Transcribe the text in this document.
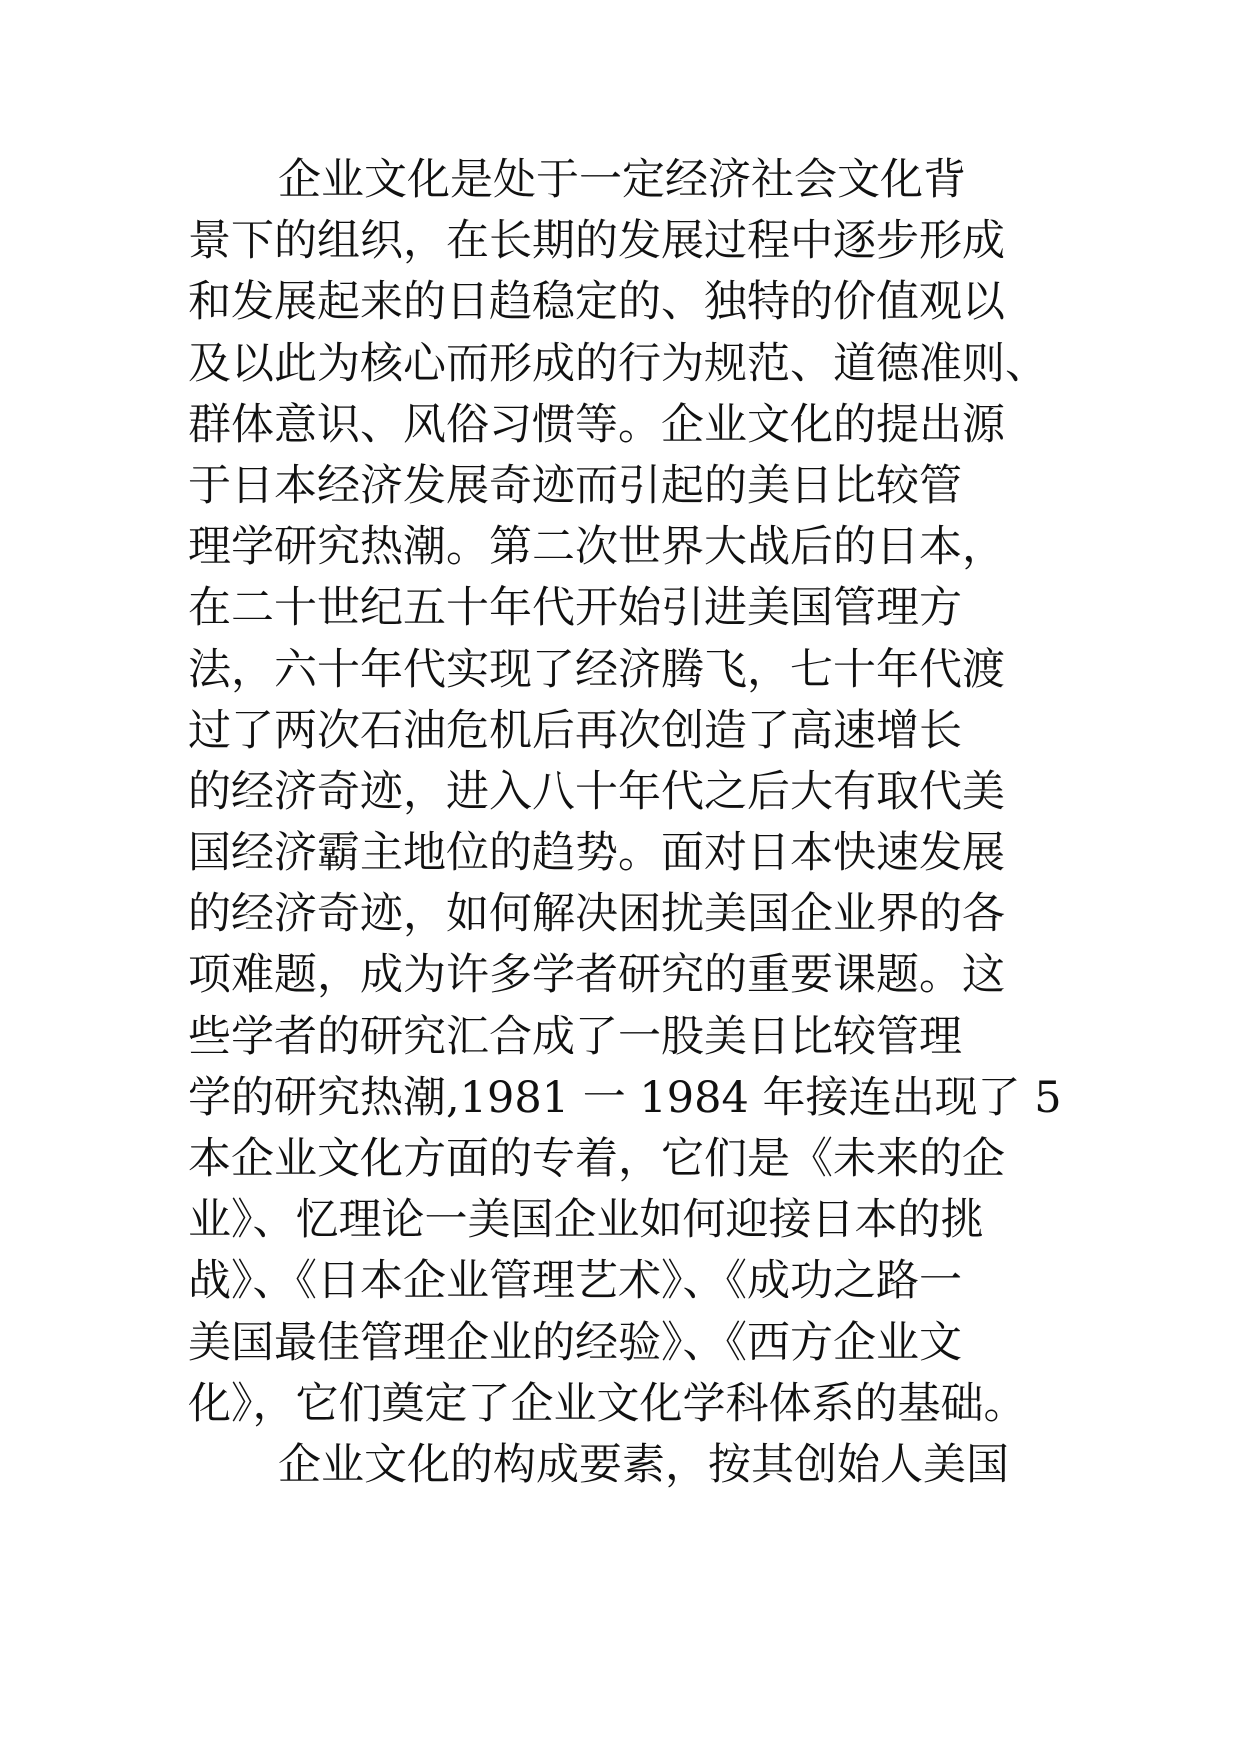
企业文化是处于一定经济社会文化背
景下的组织，在长期的发展过程中逐步形成
和发展起来的日趋稳定的、独特的价值观以
及以此为核心而形成的行为规范、道德准则、
群体意识、风俗习惯等。企业文化的提出源
于日本经济发展奇迹而引起的美日比较管
理学研究热潮。第二次世界大战后的日本，
在二十世纪五十年代开始引进美国管理方
法，六十年代实现了经济腾飞，七十年代渡
过了两次石油危机后再次创造了高速增长
的经济奇迹，进入八十年代之后大有取代美
国经济霸主地位的趋势。面对日本快速发展
的经济奇迹，如何解决困扰美国企业界的各
项难题，成为许多学者研究的重要课题。这
些学者的研究汇合成了一股美日比较管理
学的研究热潮,1981 一 1984 年接连出现了 5
本企业文化方面的专着，它们是《未来的企
业》、忆理论一美国企业如何迎接日本的挑
战》、《日本企业管理艺术》、《成功之路一
美国最佳管理企业的经验》、《西方企业文
化》，它们奠定了企业文化学科体系的基础。
企业文化的构成要素，按其创始人美国
